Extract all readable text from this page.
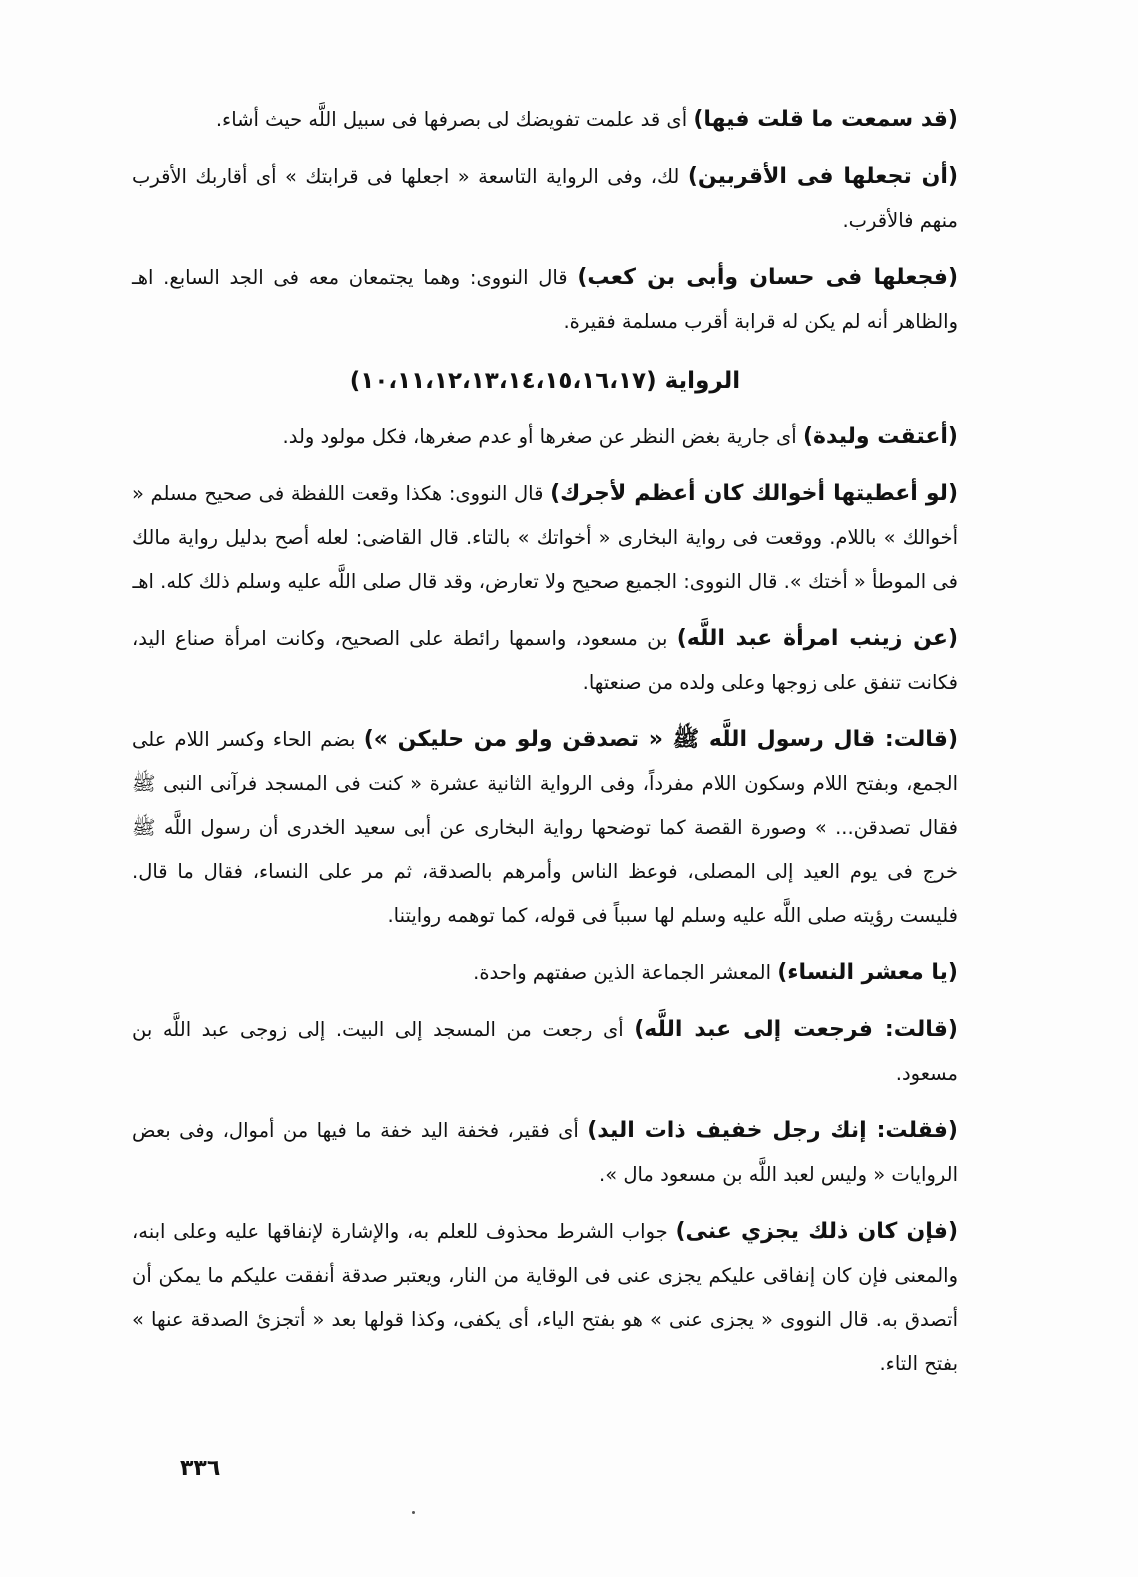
(قد سمعت ما قلت فيها) أى قد علمت تفويضك لى بصرفها فى سبيل اللَّه حيث أشاء.

(أن تجعلها فى الأقربين) لك، وفى الرواية التاسعة « اجعلها فى قرابتك » أى أقاربك الأقرب منهم فالأقرب.

(فجعلها فى حسان وأبى بن كعب) قال النووى: وهما يجتمعان معه فى الجد السابع. اهـ والظاهر أنه لم يكن له قرابة أقرب مسلمة فقيرة.

الرواية (١٠،١١،١٢،١٣،١٤،١٥،١٦،١٧)

(أعتقت وليدة) أى جارية بغض النظر عن صغرها أو عدم صغرها، فكل مولود ولد.

(لو أعطيتها أخوالك كان أعظم لأجرك) قال النووى: هكذا وقعت اللفظة فى صحيح مسلم « أخوالك » باللام. ووقعت فى رواية البخارى « أخواتك » بالتاء. قال القاضى: لعله أصح بدليل رواية مالك فى الموطأ « أختك ». قال النووى: الجميع صحيح ولا تعارض، وقد قال صلى اللَّه عليه وسلم ذلك كله. اهـ

(عن زينب امرأة عبد اللَّه) بن مسعود، واسمها رائطة على الصحيح، وكانت امرأة صناع اليد، فكانت تنفق على زوجها وعلى ولده من صنعتها.

(قالت: قال رسول اللَّه ﷺ « تصدقن ولو من حليكن ») بضم الحاء وكسر اللام على الجمع، وبفتح اللام وسكون اللام مفرداً، وفى الرواية الثانية عشرة « كنت فى المسجد فرآنى النبى ﷺ فقال تصدقن... » وصورة القصة كما توضحها رواية البخارى عن أبى سعيد الخدرى أن رسول اللَّه ﷺ خرج فى يوم العيد إلى المصلى، فوعظ الناس وأمرهم بالصدقة، ثم مر على النساء، فقال ما قال. فليست رؤيته صلى اللَّه عليه وسلم لها سبباً فى قوله، كما توهمه روايتنا.

(يا معشر النساء) المعشر الجماعة الذين صفتهم واحدة.

(قالت: فرجعت إلى عبد اللَّه) أى رجعت من المسجد إلى البيت. إلى زوجى عبد اللَّه بن مسعود.

(فقلت: إنك رجل خفيف ذات اليد) أى فقير، فخفة اليد خفة ما فيها من أموال، وفى بعض الروايات « وليس لعبد اللَّه بن مسعود مال ».

(فإن كان ذلك يجزي عنى) جواب الشرط محذوف للعلم به، والإشارة لإنفاقها عليه وعلى ابنه، والمعنى فإن كان إنفاقى عليكم يجزى عنى فى الوقاية من النار، ويعتبر صدقة أنفقت عليكم ما يمكن أن أتصدق به. قال النووى « يجزى عنى » هو بفتح الياء، أى يكفى، وكذا قولها بعد « أتجزئ الصدقة عنها » بفتح التاء.

٣٣٦
